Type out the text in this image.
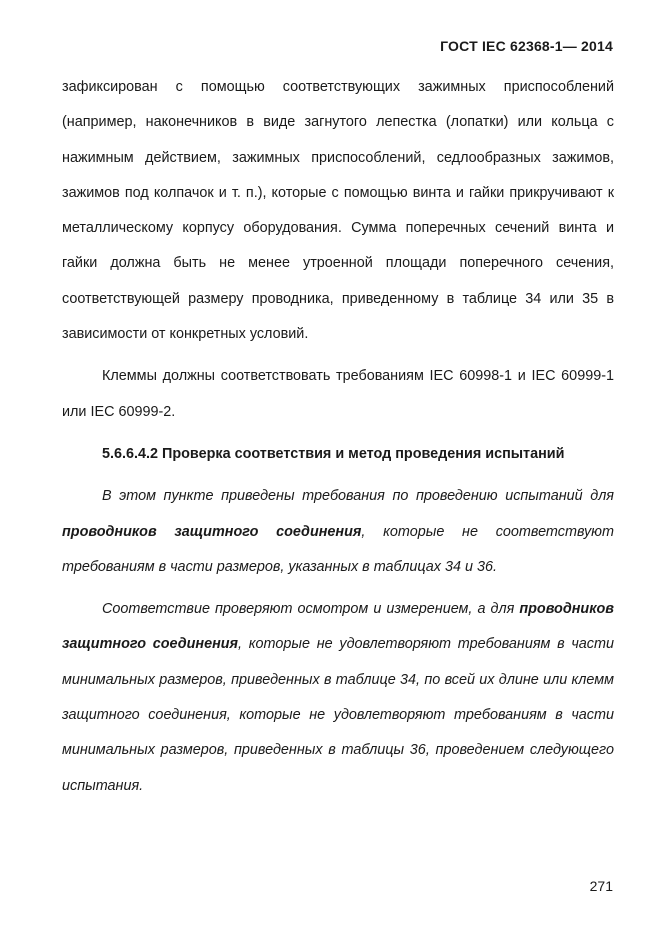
ГОСТ IEC 62368-1— 2014

зафиксирован с помощью соответствующих зажимных приспособлений (например, наконечников в виде загнутого лепестка (лопатки) или кольца с нажимным действием, зажимных приспособлений, седлообразных зажимов, зажимов под колпачок и т. п.), которые с помощью винта и гайки прикручивают к металлическому корпусу оборудования. Сумма поперечных сечений винта и гайки должна быть не менее утроенной площади поперечного сечения, соответствующей размеру проводника, приведенному в таблице 34 или 35 в зависимости от конкретных условий.

Клеммы должны соответствовать требованиям IEC 60998-1 и IEC 60999-1 или IEC 60999-2.

5.6.6.4.2 Проверка соответствия и метод проведения испытаний

В этом пункте приведены требования по проведению испытаний для проводников защитного соединения, которые не соответствуют требованиям в части размеров, указанных в таблицах 34 и 36.

Соответствие проверяют осмотром и измерением, а для проводников защитного соединения, которые не удовлетворяют требованиям в части минимальных размеров, приведенных в таблице 34, по всей их длине или клемм защитного соединения, которые не удовлетворяют требованиям в части минимальных размеров, приведенных в таблицы 36, проведением следующего испытания.

271
